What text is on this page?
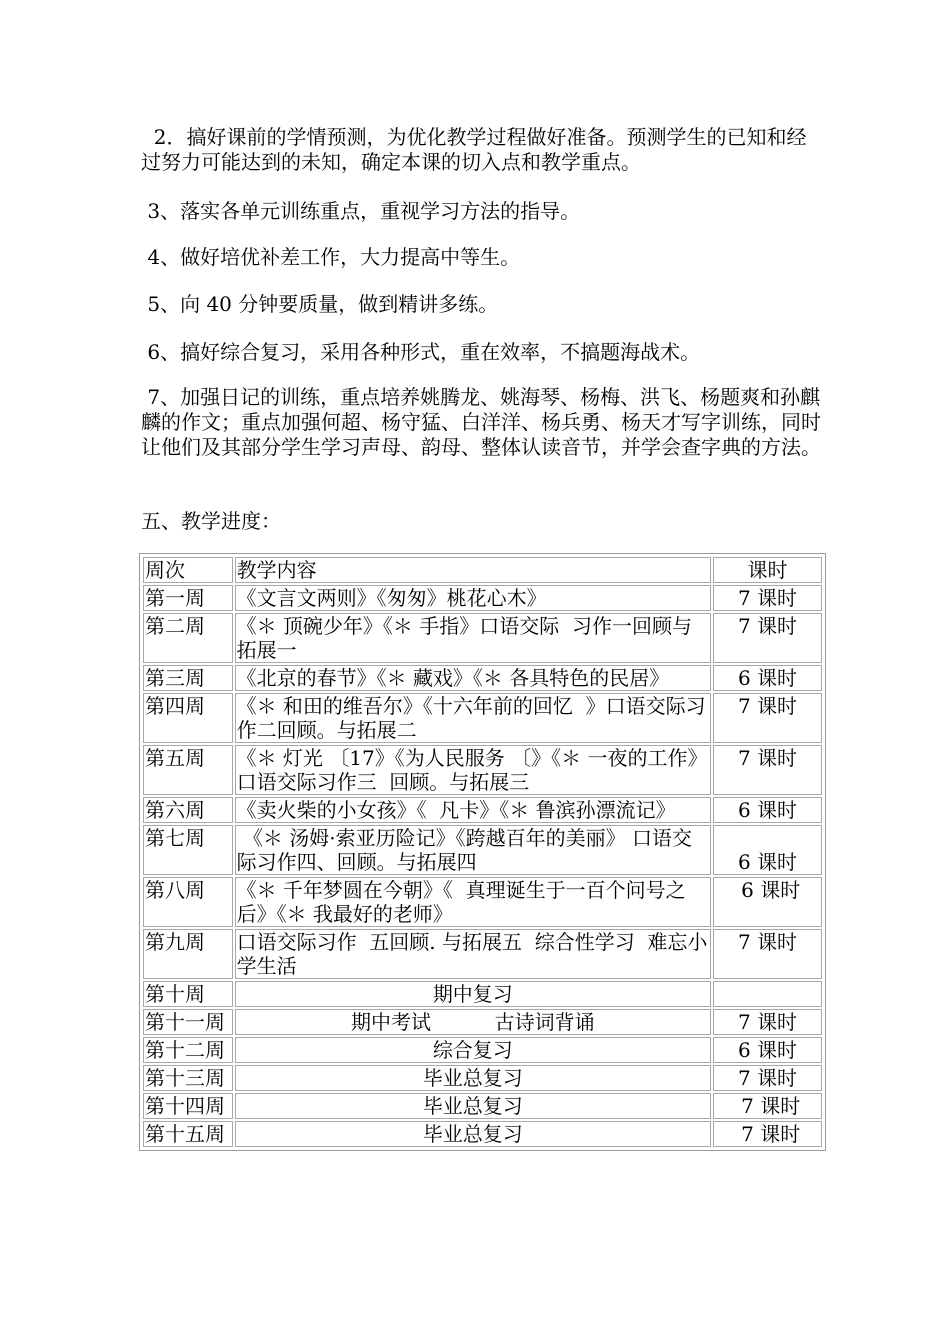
2．搞好课前的学情预测，为优化教学过程做好准备。预测学生的已知和经过努力可能达到的未知，确定本课的切入点和教学重点。

3、落实各单元训练重点，重视学习方法的指导。

4、做好培优补差工作，大力提高中等生。

5、向 40 分钟要质量，做到精讲多练。

6、搞好综合复习，采用各种形式，重在效率，不搞题海战术。

7、加强日记的训练，重点培养姚腾龙、姚海琴、杨梅、洪飞、杨题爽和孙麒麟的作文；重点加强何超、杨守猛、白洋洋、杨兵勇、杨天才写字训练，同时让他们及其部分学生学习声母、韵母、整体认读音节，并学会查字典的方法。

五、教学进度：

周次	教学内容	课时
第一周	《文言文两则》《匆匆》桃花心木》	7 课时
第二周	《＊ 顶碗少年》《＊ 手指》口语交际  习作一回顾与拓展一	7 课时
第三周	《北京的春节》《＊ 藏戏》《＊ 各具特色的民居》	6 课时
第四周	《＊ 和田的维吾尔》《十六年前的回忆  》口语交际习作二回顾。与拓展二	7 课时
第五周	《＊ 灯光 〔17》《为人民服务 〔》《＊ 一夜的工作》口语交际习作三  回顾。与拓展三	7 课时
第六周	《卖火柴的小女孩》《  凡卡》《＊ 鲁滨孙漂流记》	6 课时
第七周	《＊ 汤姆·索亚历险记》《跨越百年的美丽》 口语交际习作四、回顾。与拓展四	6 课时
第八周	《＊ 千年梦圆在今朝》《  真理诞生于一百个问号之后》《＊ 我最好的老师》	6 课时
第九周	口语交际习作  五回顾. 与拓展五  综合性学习  难忘小学生活	7 课时
第十周	期中复习	
第十一周	期中考试          古诗词背诵	7 课时
第十二周	综合复习	6 课时
第十三周	毕业总复习	7 课时
第十四周	毕业总复习	7 课时
第十五周	毕业总复习	7 课时
